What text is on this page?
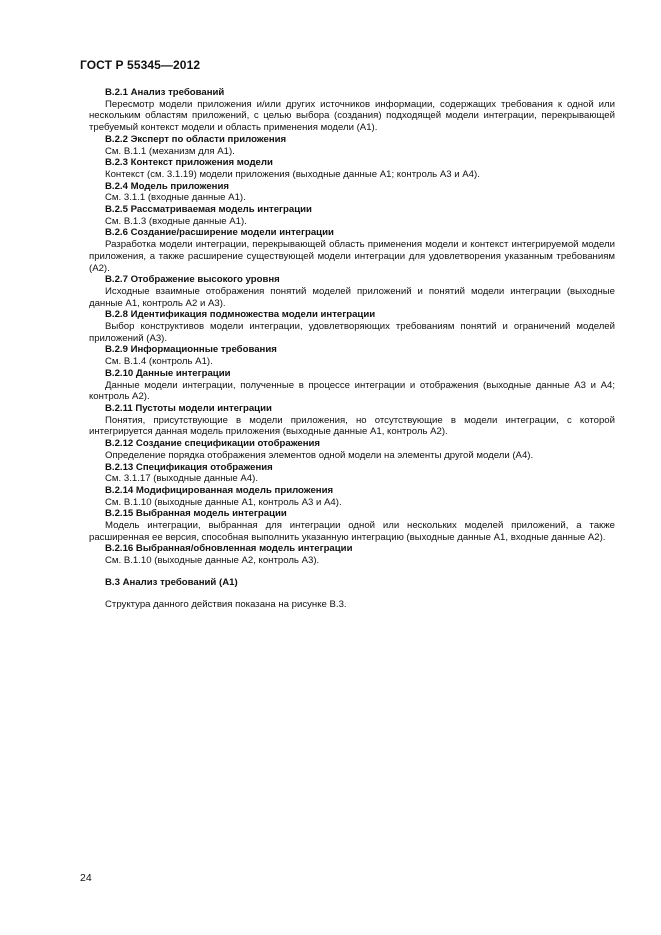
ГОСТ Р 55345—2012
B.2.1 Анализ требований
Пересмотр модели приложения и/или других источников информации, содержащих требования к одной или нескольким областям приложений, с целью выбора (создания) подходящей модели интеграции, перекрывающей требуемый контекст модели и область применения модели (A1).
B.2.2 Эксперт по области приложения
См. B.1.1 (механизм для A1).
B.2.3 Контекст приложения модели
Контекст (см. 3.1.19) модели приложения (выходные данные A1; контроль A3 и A4).
B.2.4 Модель приложения
См. 3.1.1 (входные данные A1).
B.2.5 Рассматриваемая модель интеграции
См. B.1.3 (входные данные A1).
B.2.6 Создание/расширение модели интеграции
Разработка модели интеграции, перекрывающей область применения модели и контекст интегрируемой модели приложения, а также расширение существующей модели интеграции для удовлетворения указанным требованиям (A2).
B.2.7 Отображение высокого уровня
Исходные взаимные отображения понятий моделей приложений и понятий модели интеграции (выходные данные A1, контроль A2 и A3).
B.2.8 Идентификация подмножества модели интеграции
Выбор конструктивов модели интеграции, удовлетворяющих требованиям понятий и ограничений моделей приложений (A3).
B.2.9 Информационные требования
См. B.1.4 (контроль A1).
B.2.10 Данные интеграции
Данные модели интеграции, полученные в процессе интеграции и отображения (выходные данные A3 и A4; контроль A2).
B.2.11 Пустоты модели интеграции
Понятия, присутствующие в модели приложения, но отсутствующие в модели интеграции, с которой интегрируется данная модель приложения (выходные данные A1, контроль A2).
B.2.12 Создание спецификации отображения
Определение порядка отображения элементов одной модели на элементы другой модели (A4).
B.2.13 Спецификация отображения
См. 3.1.17 (выходные данные A4).
B.2.14 Модифицированная модель приложения
См. B.1.10 (выходные данные A1, контроль A3 и A4).
B.2.15 Выбранная модель интеграции
Модель интеграции, выбранная для интеграции одной или нескольких моделей приложений, а также расширенная ее версия, способная выполнить указанную интеграцию (выходные данные A1, входные данные A2).
B.2.16 Выбранная/обновленная модель интеграции
См. B.1.10 (выходные данные A2, контроль A3).
B.3 Анализ требований (A1)
Структура данного действия показана на рисунке B.3.
24
